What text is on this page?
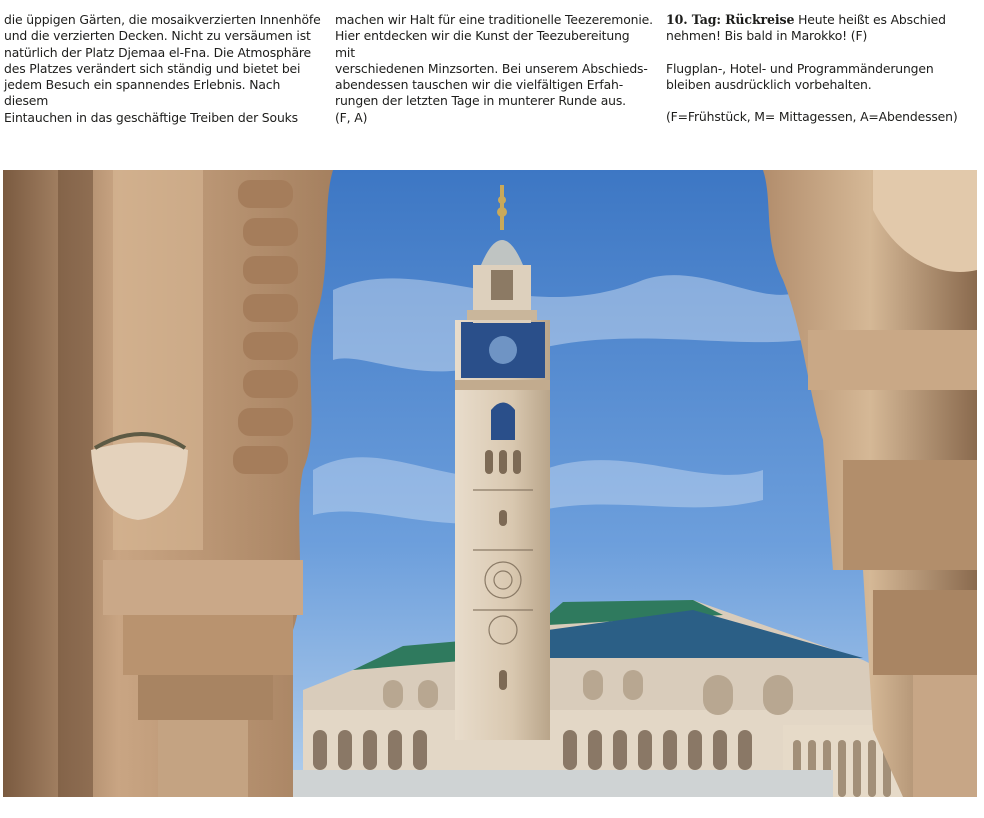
die üppigen Gärten, die mosaikverzierten Innenhöfe

und die verzierten Decken. Nicht zu versäumen ist

natürlich der Platz Djemaa el-Fna. Die Atmosphäre

des Platzes verändert sich ständig und bietet bei

jedem Besuch ein spannendes Erlebnis. Nach diesem

Eintauchen in das geschäftige Treiben der Souks

machen wir Halt für eine traditionelle Teezeremonie.

Hier entdecken wir die Kunst der Teezubereitung mit

verschiedenen Minzsorten. Bei unserem Abschieds-

abendessen tauschen wir die vielfältigen Erfah-

rungen der letzten Tage in munterer Runde aus.

(F, A)

10. Tag: Rückreise Heute heißt es Abschied

nehmen! Bis bald in Marokko! (F)

Flugplan-, Hotel- und Programmänderungen

bleiben ausdrücklich vorbehalten.

(F=Frühstück, M= Mittagessen, A=Abendessen)
